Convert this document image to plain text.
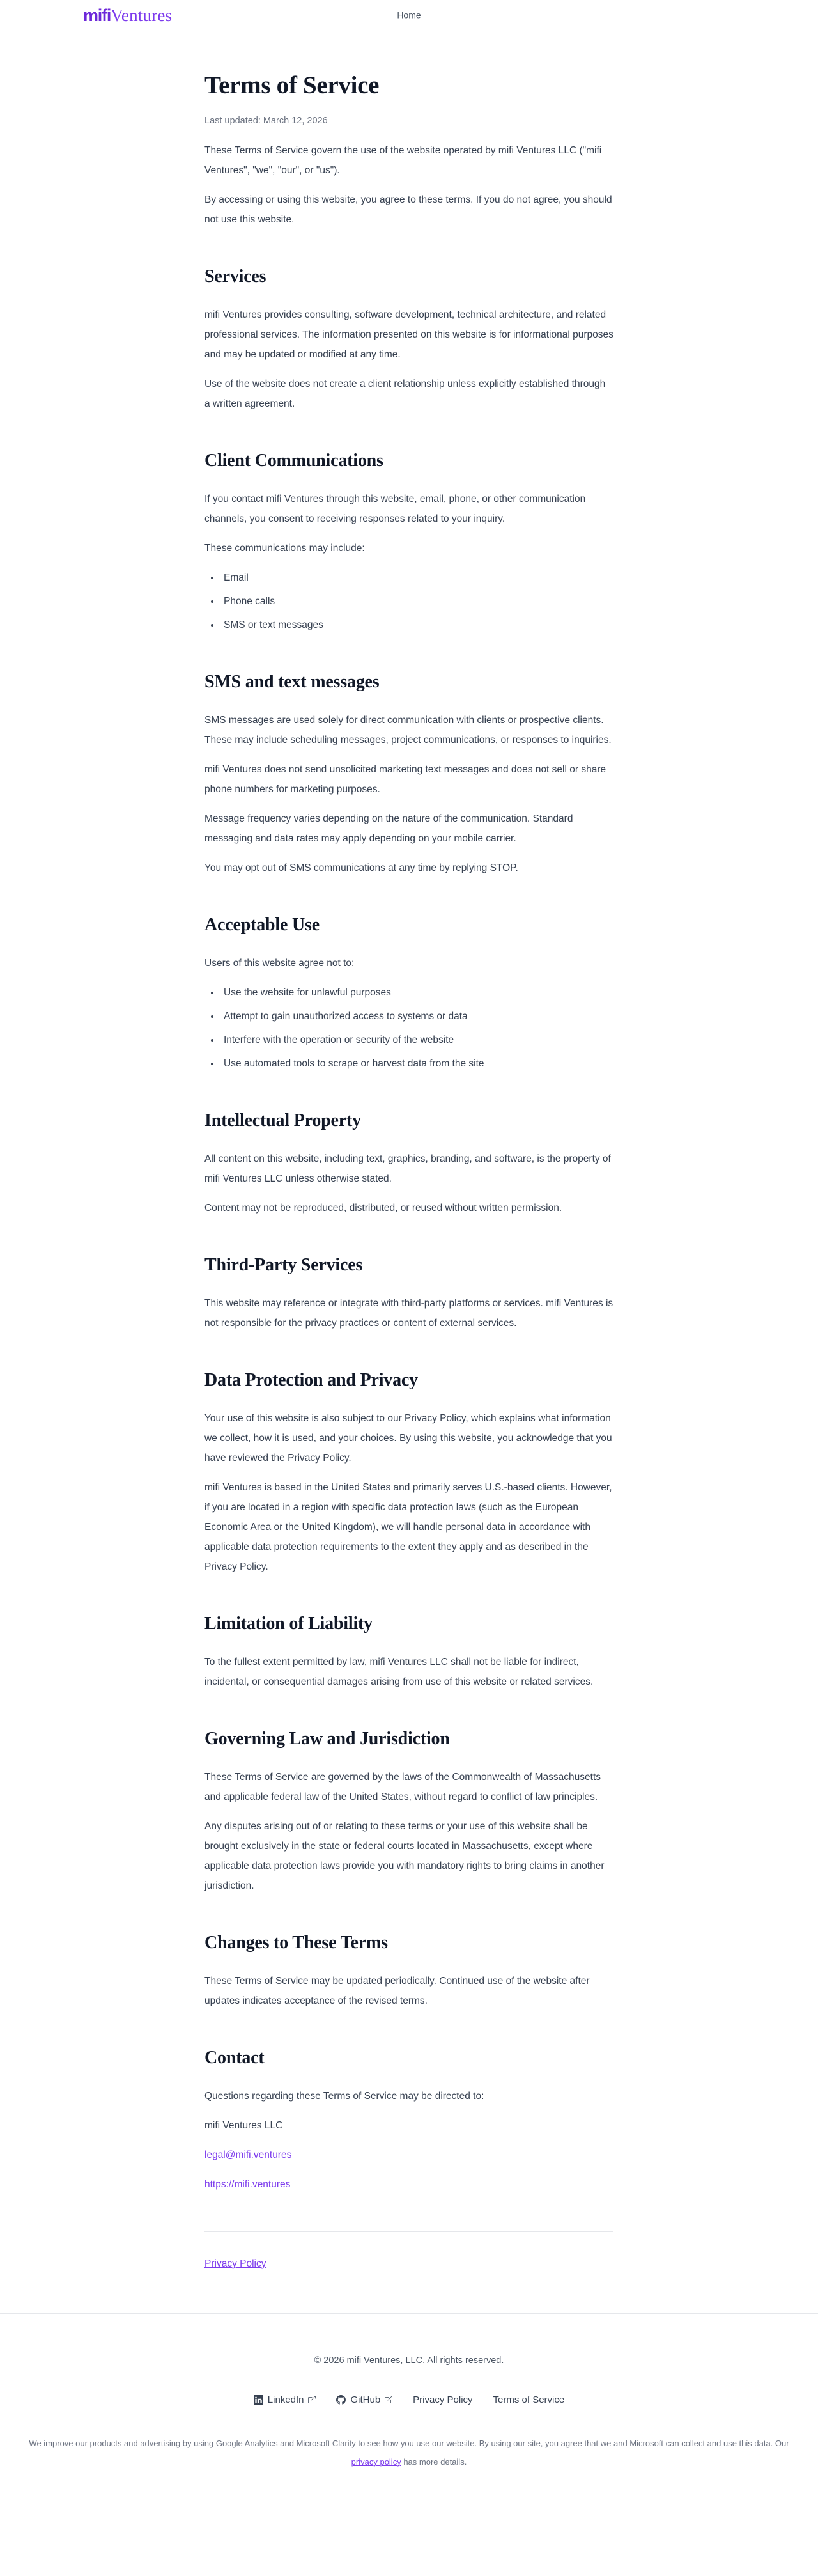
mifi Ventures	Home
Terms of Service

Last updated: March 12, 2026

These Terms of Service govern the use of the website operated by mifi Ventures LLC ("mifi Ventures", "we", "our", or "us").

By accessing or using this website, you agree to these terms. If you do not agree, you should not use this website.

Services

mifi Ventures provides consulting, software development, technical architecture, and related professional services. The information presented on this website is for informational purposes and may be updated or modified at any time.

Use of the website does not create a client relationship unless explicitly established through a written agreement.

Client Communications

If you contact mifi Ventures through this website, email, phone, or other communication channels, you consent to receiving responses related to your inquiry.

These communications may include:

• Email
• Phone calls
• SMS or text messages
SMS and text messages

SMS messages are used solely for direct communication with clients or prospective clients. These may include scheduling messages, project communications, or responses to inquiries.

mifi Ventures does not send unsolicited marketing text messages and does not sell or share phone numbers for marketing purposes.

Message frequency varies depending on the nature of the communication. Standard messaging and data rates may apply depending on your mobile carrier.

You may opt out of SMS communications at any time by replying STOP.

Acceptable Use

Users of this website agree not to:

• Use the website for unlawful purposes
• Attempt to gain unauthorized access to systems or data
• Interfere with the operation or security of the website
• Use automated tools to scrape or harvest data from the site
Intellectual Property

All content on this website, including text, graphics, branding, and software, is the property of mifi Ventures LLC unless otherwise stated.

Content may not be reproduced, distributed, or reused without written permission.

Third-Party Services

This website may reference or integrate with third-party platforms or services. mifi Ventures is not responsible for the privacy practices or content of external services.

Data Protection and Privacy

Your use of this website is also subject to our Privacy Policy, which explains what information we collect, how it is used, and your choices. By using this website, you acknowledge that you have reviewed the Privacy Policy.

mifi Ventures is based in the United States and primarily serves U.S.-based clients. However, if you are located in a region with specific data protection laws (such as the European Economic Area or the United Kingdom), we will handle personal data in accordance with applicable data protection requirements to the extent they apply and as described in the Privacy Policy.

Limitation of Liability

To the fullest extent permitted by law, mifi Ventures LLC shall not be liable for indirect, incidental, or consequential damages arising from use of this website or related services.

Governing Law and Jurisdiction

These Terms of Service are governed by the laws of the Commonwealth of Massachusetts and applicable federal law of the United States, without regard to conflict of law principles.

Any disputes arising out of or relating to these terms or your use of this website shall be brought exclusively in the state or federal courts located in Massachusetts, except where applicable data protection laws provide you with mandatory rights to bring claims in another jurisdiction.

Changes to These Terms

These Terms of Service may be updated periodically. Continued use of the website after updates indicates acceptance of the revised terms.

Contact

Questions regarding these Terms of Service may be directed to:

mifi Ventures LLC

legal@mifi.ventures

https://mifi.ventures

Privacy Policy

© 2026 mifi Ventures, LLC. All rights reserved.

LinkedIn	GitHub	Privacy Policy Terms of Service

We improve our products and advertising by using Google Analytics and Microsoft Clarity to see how you use our website. By using our site, you agree that we and Microsoft can collect and use this data. Our privacy policy has more details.
